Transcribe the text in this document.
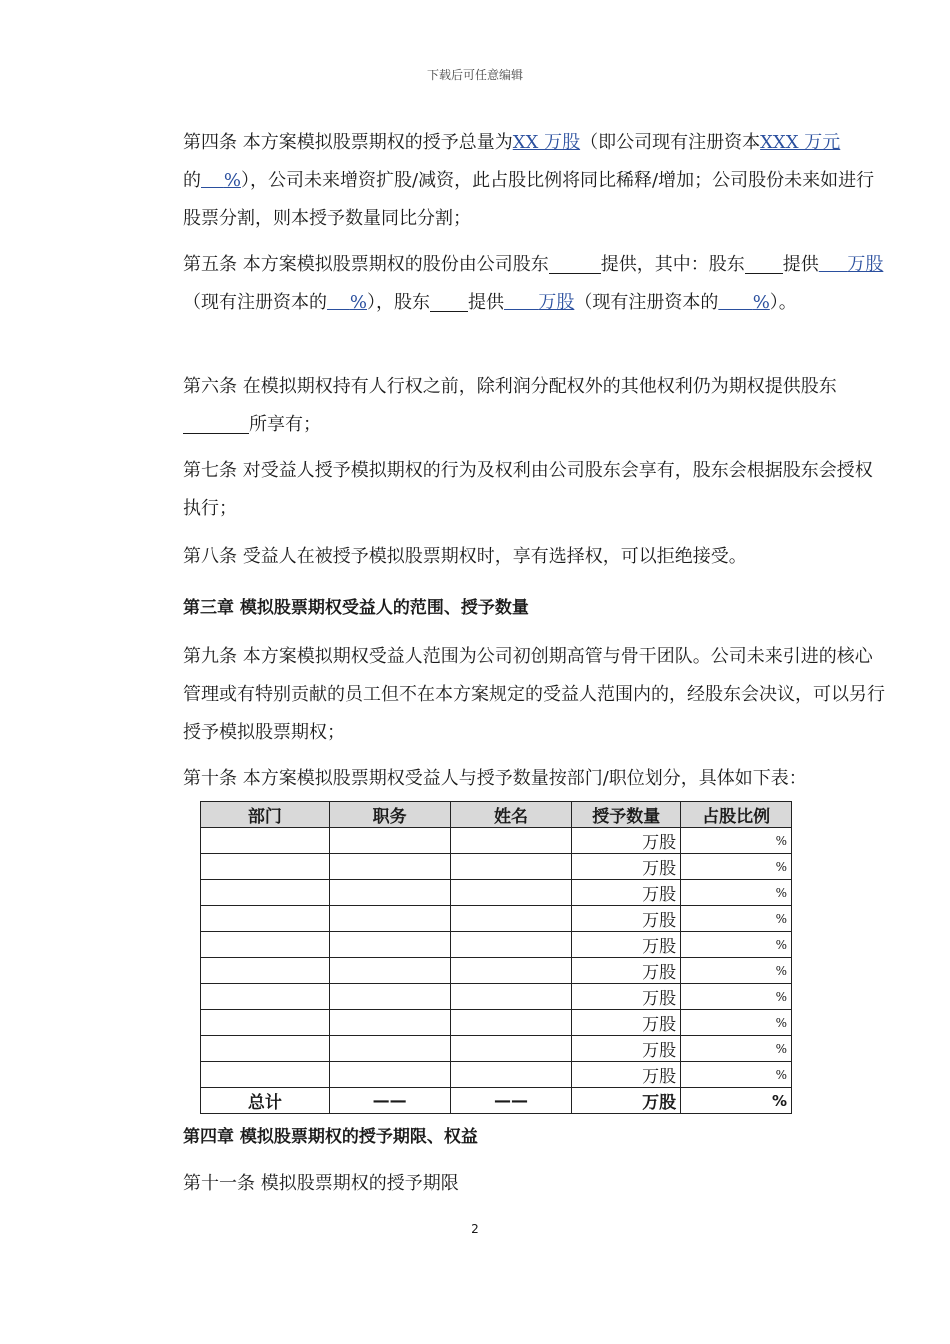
下载后可任意编辑
第四条 本方案模拟股票期权的授予总量为XX 万股（即公司现有注册资本XXX 万元的 %），公司未来增资扩股/减资，此占股比例将同比稀释/增加；公司股份未来如进行股票分割，则本授予数量同比分割；
第五条 本方案模拟股票期权的股份由公司股东	提供，其中：股东 提供 万股（现有注册资本的 %），股东 提供 万股（现有注册资本的 %）。
第六条 在模拟期权持有人行权之前，除利润分配权外的其他权利仍为期权提供股东所享有；
第七条 对受益人授予模拟期权的行为及权利由公司股东会享有，股东会根据股东会授权执行；
第八条 受益人在被授予模拟股票期权时，享有选择权，可以拒绝接受。
第三章 模拟股票期权受益人的范围、授予数量
第九条 本方案模拟期权受益人范围为公司初创期高管与骨干团队。公司未来引进的核心管理或有特别贡献的员工但不在本方案规定的受益人范围内的，经股东会决议，可以另行授予模拟股票期权；
第十条 本方案模拟股票期权受益人与授予数量按部门/职位划分，具体如下表：
部门	职务	姓名	授予数量	占股比例
			万股	%
			万股	%
			万股	%
			万股	%
			万股	%
			万股	%
			万股	%
			万股	%
			万股	%
			万股	%
总计	——	——	万股	%
第四章 模拟股票期权的授予期限、权益
第十一条 模拟股票期权的授予期限
2
